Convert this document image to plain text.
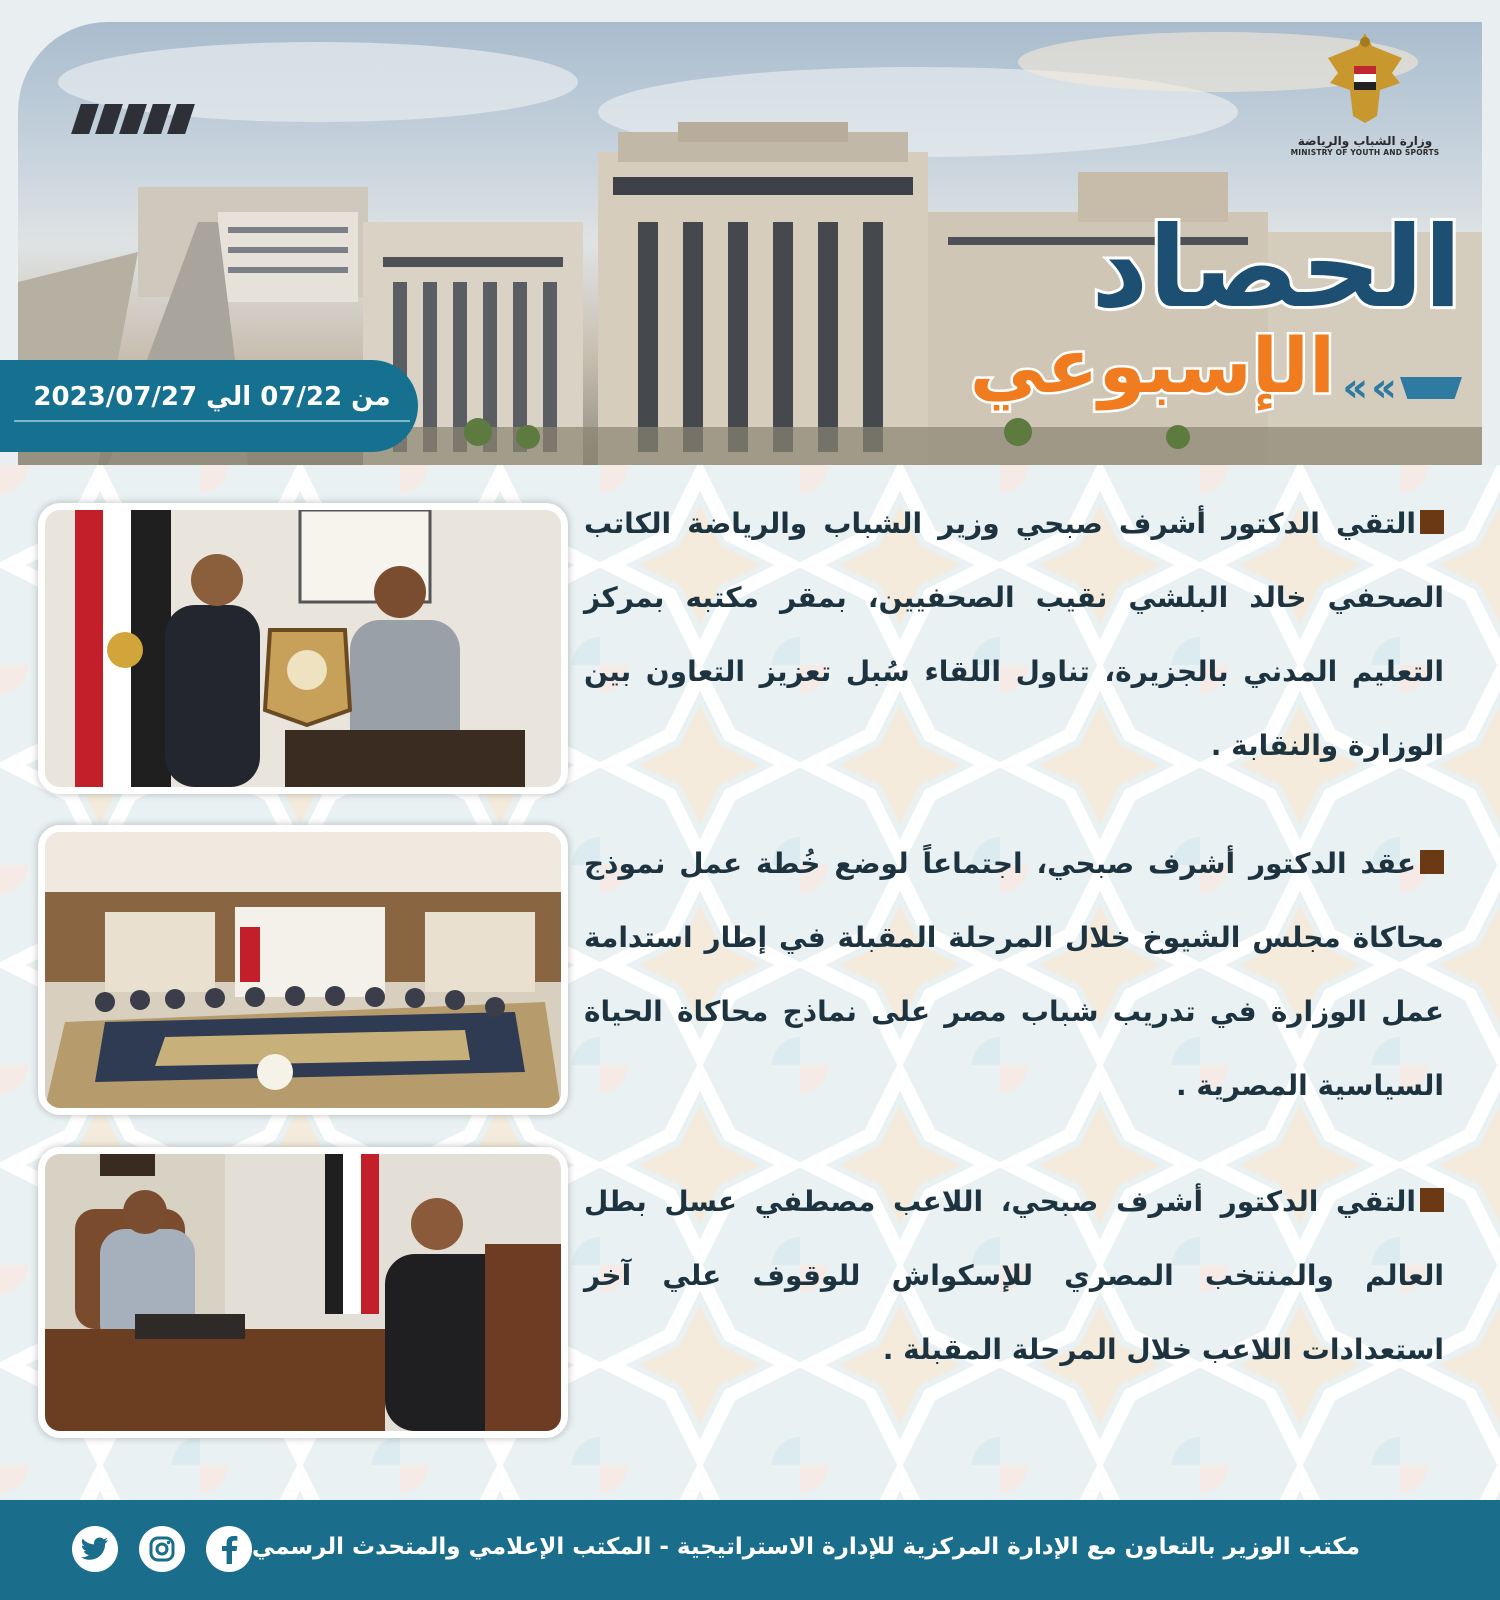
وزارة الشباب والرياضة
MINISTRY OF YOUTH AND SPORTS
الحصاد
الإسبوعي « «
من 07/22 الي 2023/07/27
التقي الدكتور أشرف صبحي وزير الشباب والرياضة الكاتب الصحفي خالد البلشي نقيب الصحفيين، بمقر مكتبه بمركز التعليم المدني بالجزيرة، تناول اللقاء سُبل تعزيز التعاون بين الوزارة والنقابة .
عقد الدكتور أشرف صبحي، اجتماعاً لوضع خُطة عمل نموذج محاكاة مجلس الشيوخ خلال المرحلة المقبلة في إطار استدامة عمل الوزارة في تدريب شباب مصر على نماذج محاكاة الحياة السياسية المصرية .
التقي الدكتور أشرف صبحي، اللاعب مصطفي عسل بطل العالم والمنتخب المصري للإسكواش للوقوف علي آخر استعدادات اللاعب خلال المرحلة المقبلة .
مكتب الوزير بالتعاون مع الإدارة المركزية للإدارة الاستراتيجية - المكتب الإعلامي والمتحدث الرسمي
